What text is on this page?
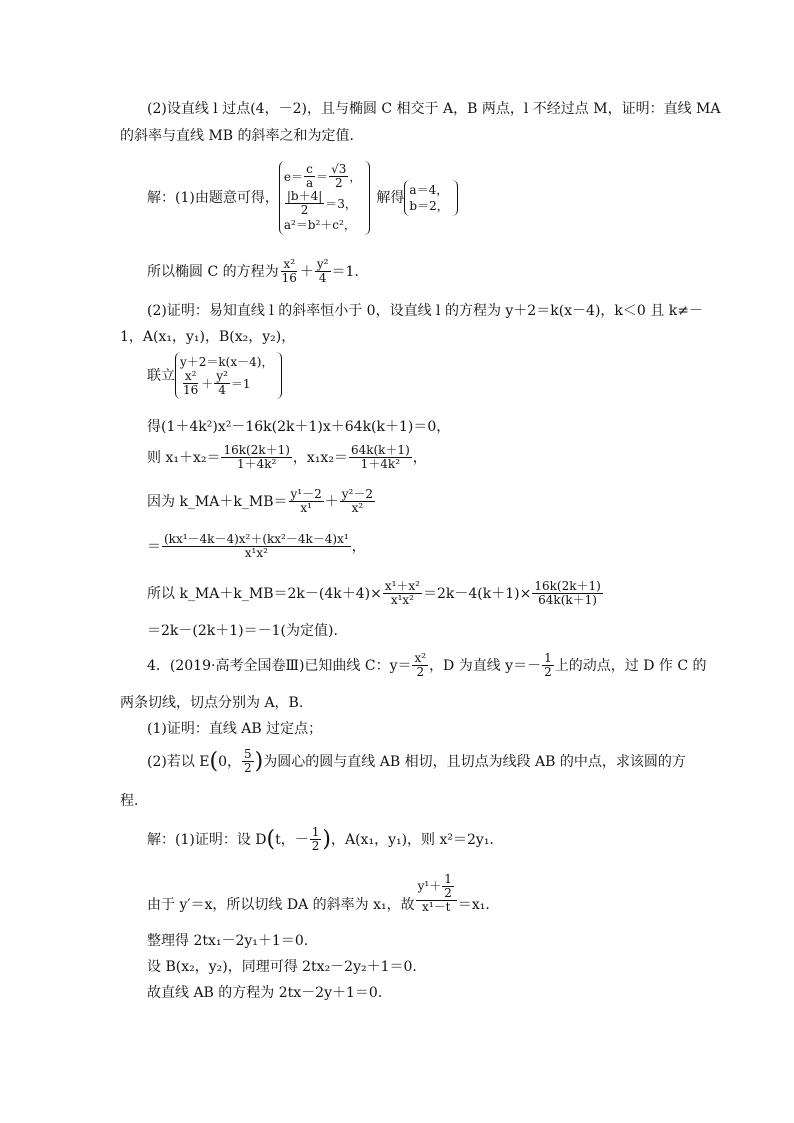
(2)设直线 l 过点(4，－2)，且与椭圆 C 相交于 A，B 两点，l 不经过点 M，证明：直线 MA
的斜率与直线 MB 的斜率之和为定值．
解：(1)由题意可得，
$e= \frac{c}{a} = \frac{√3}{2}$ ，
$\frac{|b+4|}{2} =3$，
a²＝b²＋c²，
解得 a＝4，
b＝2，
所以椭圆 C 的方程为 $\frac{\text{x²}}{16} + \frac{\text{y²}}{4} =1$.
(2)证明：易知直线 l 的斜率恒小于 0，设直线 l 的方程为 y＋2＝k(x－4)，k＜0 且 k≠－
1，A(x₁，y₁)，B(x₂，y₂)，
联立
y＋2＝k(x－4)，
$\frac{\text{x²}}{16} + \frac{\text{y²}}{4} =1$
得(1＋4k²)x²－16k(2k＋1)x＋64k(k＋1)＝0，
则 $x_1+x_2= \frac{16k(2k+1)}{\text{1＋4k²}}$ ，$x_1x_2= \frac{64k(k+1)}{\text{1＋4k²}}$ ，
因为 k_MA＋k_MB＝ $\frac{\text{y¹－2}}{\text{x¹}} + \frac{\text{y²－2}}{\text{x²}}$
＝ $\frac{\text{(kx¹－4k－4)x²＋(kx²－4k－4)x¹}}{\text{x¹x²}}$ ，
所以 k_MA＋k_MB＝2k－(4k＋4)× $\frac{\text{x¹＋x²}}{\text{x¹x²}} =2k-4(k+1)\times \frac{16k(2k+1)}{64k(k+1)}$
＝2k－(2k＋1)＝－1(为定值)．
4．(2019·高考全国卷Ⅲ)已知曲线 C：$y= \frac{\text{x²}}{2}$ ，D 为直线 $y=- \frac{1}{2}$ 上的动点，过 D 作 C 的
两条切线，切点分别为 A，B.
(1)证明：直线 AB 过定点；
(2)若以 E ( 0， $\frac{5}{2}$ ) 为圆心的圆与直线 AB 相切，且切点为线段 AB 的中点，求该圆的方
程．
解：(1)证明：设 D ( t，－ $\frac{1}{2}$ ) ，A(x₁，y₁)，则 x²＝2y₁.
由于 y′＝x，所以切线 DA 的斜率为 x₁，故 $\frac{y^1+ \frac{1}{2}}{\text{x¹－t}} =x_1$.
整理得 2tx₁－2y₁＋1＝0.
设 B(x₂，y₂)，同理可得 2tx₂－2y₂＋1＝0.
故直线 AB 的方程为 2tx－2y＋1＝0.
